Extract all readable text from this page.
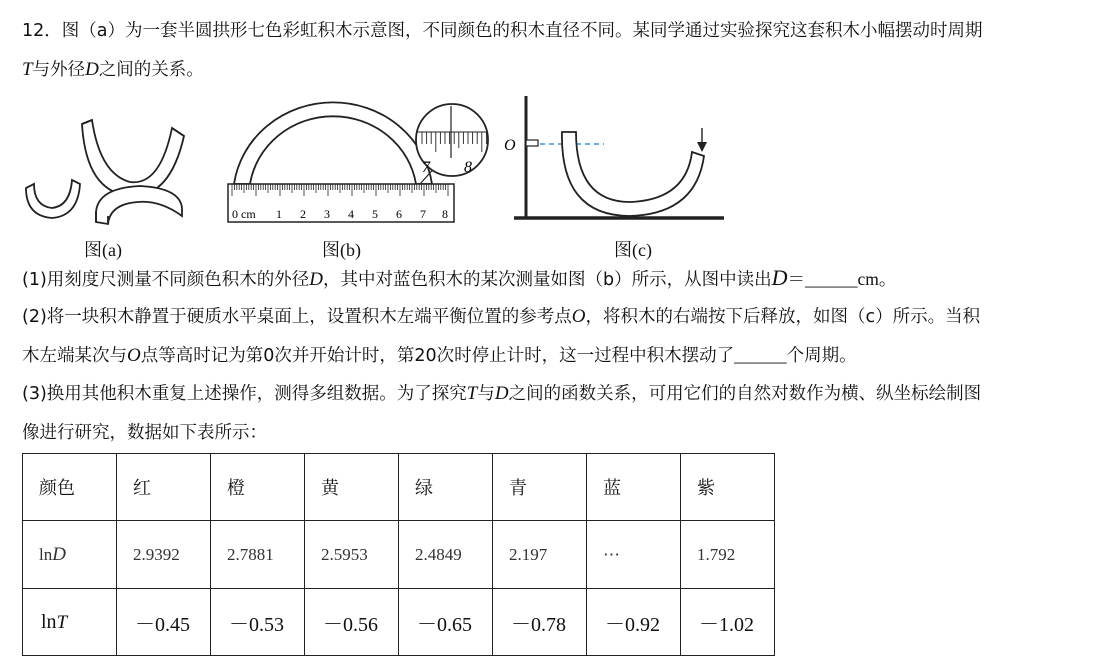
12．图（a）为一套半圆拱形七色彩虹积木示意图，不同颜色的积木直径不同。某同学通过实验探究这套积木小幅摆动时周期
T与外径D之间的关系。
图(a)
0 cm 1 2 3 4 5 6 7 8
7 8
图(b)
O
图(c)
(1)用刻度尺测量不同颜色积木的外径D，其中对蓝色积木的某次测量如图（b）所示，从图中读出D＝______cm。
(2)将一块积木静置于硬质水平桌面上，设置积木左端平衡位置的参考点O，将积木的右端按下后释放，如图（c）所示。当积
木左端某次与O点等高时记为第0次并开始计时，第20次时停止计时，这一过程中积木摆动了______个周期。
(3)换用其他积木重复上述操作，测得多组数据。为了探究T与D之间的函数关系，可用它们的自然对数作为横、纵坐标绘制图
像进行研究，数据如下表所示：
颜色	红	橙	黄	绿	青	蓝	紫
lnD	2.9392	2.7881	2.5953	2.4849	2.197	⋯	1.792
lnT	－0.45	－0.53	－0.56	－0.65	－0.78	－0.92	－1.02
